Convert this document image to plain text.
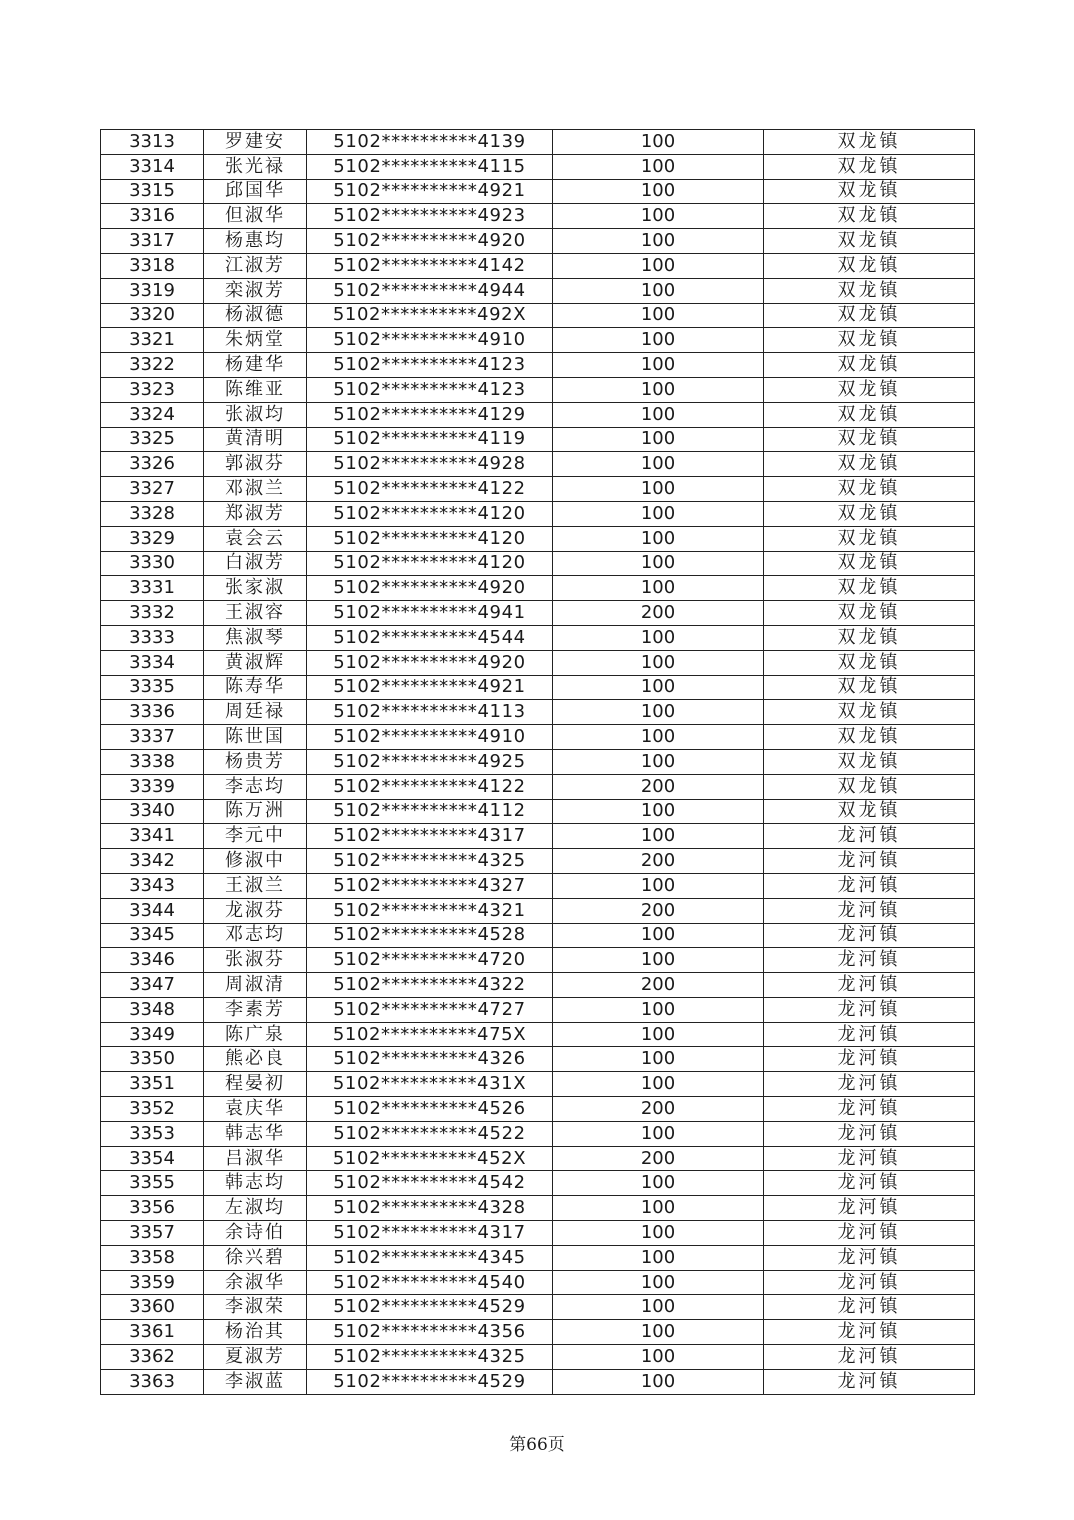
3313	罗建安	5102**********4139	100	双龙镇
3314	张光禄	5102**********4115	100	双龙镇
3315	邱国华	5102**********4921	100	双龙镇
3316	但淑华	5102**********4923	100	双龙镇
3317	杨惠均	5102**********4920	100	双龙镇
3318	江淑芳	5102**********4142	100	双龙镇
3319	栾淑芳	5102**********4944	100	双龙镇
3320	杨淑德	5102**********492X	100	双龙镇
3321	朱炳堂	5102**********4910	100	双龙镇
3322	杨建华	5102**********4123	100	双龙镇
3323	陈维亚	5102**********4123	100	双龙镇
3324	张淑均	5102**********4129	100	双龙镇
3325	黄清明	5102**********4119	100	双龙镇
3326	郭淑芬	5102**********4928	100	双龙镇
3327	邓淑兰	5102**********4122	100	双龙镇
3328	郑淑芳	5102**********4120	100	双龙镇
3329	袁会云	5102**********4120	100	双龙镇
3330	白淑芳	5102**********4120	100	双龙镇
3331	张家淑	5102**********4920	100	双龙镇
3332	王淑容	5102**********4941	200	双龙镇
3333	焦淑琴	5102**********4544	100	双龙镇
3334	黄淑辉	5102**********4920	100	双龙镇
3335	陈寿华	5102**********4921	100	双龙镇
3336	周廷禄	5102**********4113	100	双龙镇
3337	陈世国	5102**********4910	100	双龙镇
3338	杨贵芳	5102**********4925	100	双龙镇
3339	李志均	5102**********4122	200	双龙镇
3340	陈万洲	5102**********4112	100	双龙镇
3341	李元中	5102**********4317	100	龙河镇
3342	修淑中	5102**********4325	200	龙河镇
3343	王淑兰	5102**********4327	100	龙河镇
3344	龙淑芬	5102**********4321	200	龙河镇
3345	邓志均	5102**********4528	100	龙河镇
3346	张淑芬	5102**********4720	100	龙河镇
3347	周淑清	5102**********4322	200	龙河镇
3348	李素芳	5102**********4727	100	龙河镇
3349	陈广泉	5102**********475X	100	龙河镇
3350	熊必良	5102**********4326	100	龙河镇
3351	程晏初	5102**********431X	100	龙河镇
3352	袁庆华	5102**********4526	200	龙河镇
3353	韩志华	5102**********4522	100	龙河镇
3354	吕淑华	5102**********452X	200	龙河镇
3355	韩志均	5102**********4542	100	龙河镇
3356	左淑均	5102**********4328	100	龙河镇
3357	余诗伯	5102**********4317	100	龙河镇
3358	徐兴碧	5102**********4345	100	龙河镇
3359	余淑华	5102**********4540	100	龙河镇
3360	李淑荣	5102**********4529	100	龙河镇
3361	杨治其	5102**********4356	100	龙河镇
3362	夏淑芳	5102**********4325	100	龙河镇
3363	李淑蓝	5102**********4529	100	龙河镇
第66页
